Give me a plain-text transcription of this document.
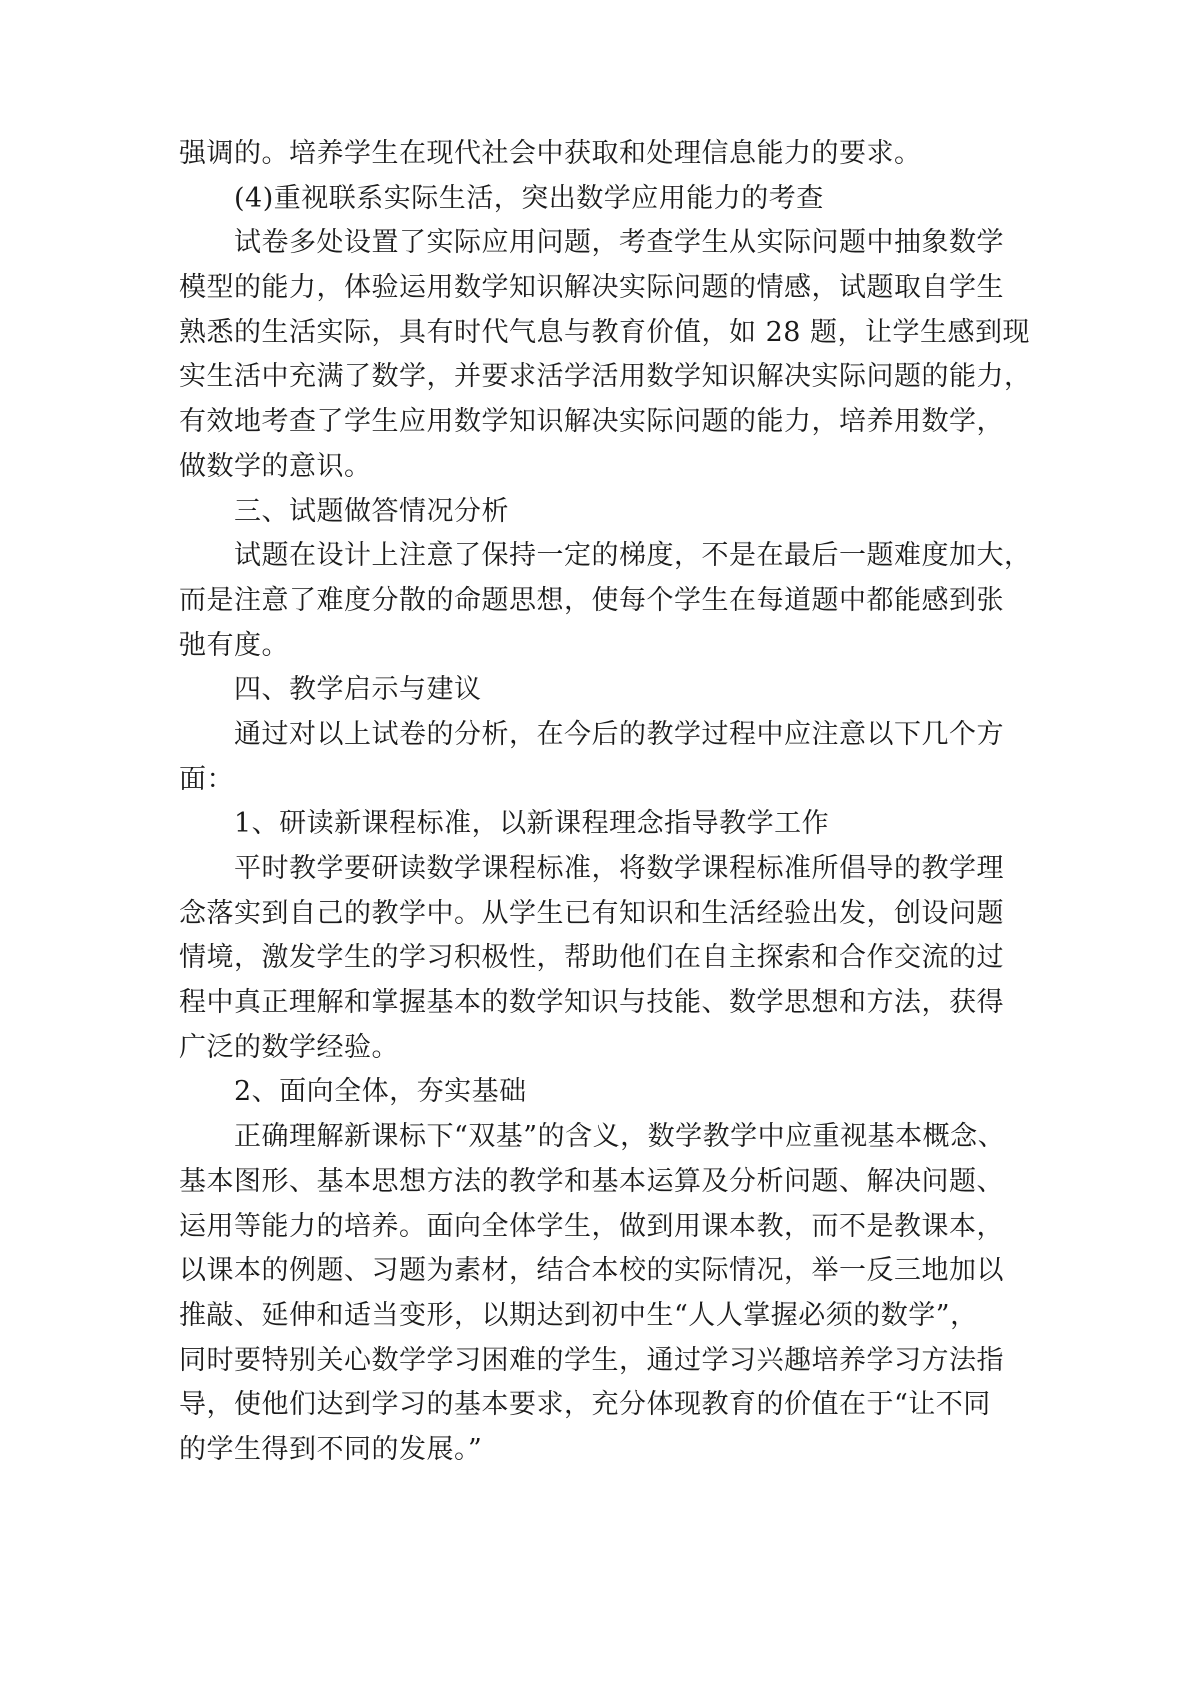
强调的。培养学生在现代社会中获取和处理信息能力的要求。
(4)重视联系实际生活，突出数学应用能力的考查
试卷多处设置了实际应用问题，考查学生从实际问题中抽象数学
模型的能力，体验运用数学知识解决实际问题的情感，试题取自学生
熟悉的生活实际，具有时代气息与教育价值，如 28 题，让学生感到现
实生活中充满了数学，并要求活学活用数学知识解决实际问题的能力，
有效地考查了学生应用数学知识解决实际问题的能力，培养用数学，
做数学的意识。
三、试题做答情况分析
试题在设计上注意了保持一定的梯度，不是在最后一题难度加大，
而是注意了难度分散的命题思想，使每个学生在每道题中都能感到张
弛有度。
四、教学启示与建议
通过对以上试卷的分析，在今后的教学过程中应注意以下几个方
面：
1、研读新课程标准，以新课程理念指导教学工作
平时教学要研读数学课程标准，将数学课程标准所倡导的教学理
念落实到自己的教学中。从学生已有知识和生活经验出发，创设问题
情境，激发学生的学习积极性，帮助他们在自主探索和合作交流的过
程中真正理解和掌握基本的数学知识与技能、数学思想和方法，获得
广泛的数学经验。
2、面向全体，夯实基础
正确理解新课标下“双基”的含义，数学教学中应重视基本概念、
基本图形、基本思想方法的教学和基本运算及分析问题、解决问题、
运用等能力的培养。面向全体学生，做到用课本教，而不是教课本，
以课本的例题、习题为素材，结合本校的实际情况，举一反三地加以
推敲、延伸和适当变形，以期达到初中生“人人掌握必须的数学”，
同时要特别关心数学学习困难的学生，通过学习兴趣培养学习方法指
导，使他们达到学习的基本要求，充分体现教育的价值在于“让不同
的学生得到不同的发展。”
